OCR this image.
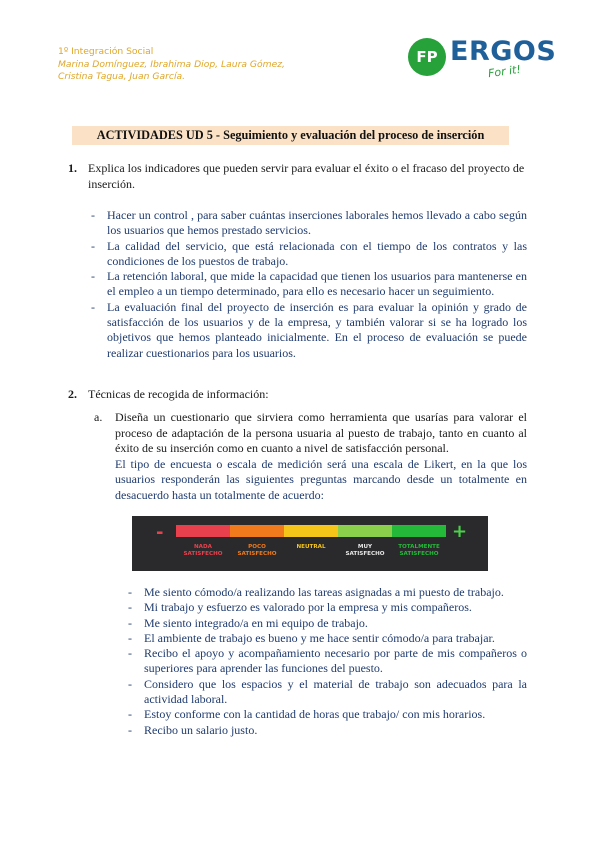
1º Integración Social
Marina Domínguez, Ibrahima Diop, Laura Gómez,
Cristina Tagua, Juan García.
FP ERGOS
For it!
ACTIVIDADES UD 5 - Seguimiento y evaluación del proceso de inserción
1. Explica los indicadores que pueden servir para evaluar el éxito o el fracaso del proyecto de inserción.
- Hacer un control , para saber cuántas inserciones laborales hemos llevado a cabo según los usuarios que hemos prestado servicios.
- La calidad del servicio, que está relacionada con el tiempo de los contratos y las condiciones de los puestos de trabajo.
- La retención laboral, que mide la capacidad que tienen los usuarios para mantenerse en el empleo a un tiempo determinado, para ello es necesario hacer un seguimiento.
- La evaluación final del proyecto de inserción es para evaluar la opinión y grado de satisfacción de los usuarios y de la empresa, y también valorar si se ha logrado los objetivos que hemos planteado inicialmente. En el proceso de evaluación se puede realizar cuestionarios para los usuarios.
2. Técnicas de recogida de información:
a. Diseña un cuestionario que sirviera como herramienta que usarías para valorar el proceso de adaptación de la persona usuaria al puesto de trabajo, tanto en cuanto al éxito de su inserción como en cuanto a nivel de satisfacción personal.
El tipo de encuesta o escala de medición será una escala de Likert, en la que los usuarios responderán las siguientes preguntas marcando desde un totalmente en desacuerdo hasta un totalmente de acuerdo:
-	+
NADA
SATISFECHO
POCO
SATISFECHO
NEUTRAL	MUY
SATISFECHO
TOTALMENTE
SATISFECHO
- Me siento cómodo/a realizando las tareas asignadas a mi puesto de trabajo.
- Mi trabajo y esfuerzo es valorado por la empresa y mis compañeros.
- Me siento integrado/a en mi equipo de trabajo.
- El ambiente de trabajo es bueno y me hace sentir cómodo/a para trabajar.
- Recibo el apoyo y acompañamiento necesario por parte de mis compañeros o superiores para aprender las funciones del puesto.
- Considero que los espacios y el material de trabajo son adecuados para la actividad laboral.
- Estoy conforme con la cantidad de horas que trabajo/ con mis horarios.
- Recibo un salario justo.
